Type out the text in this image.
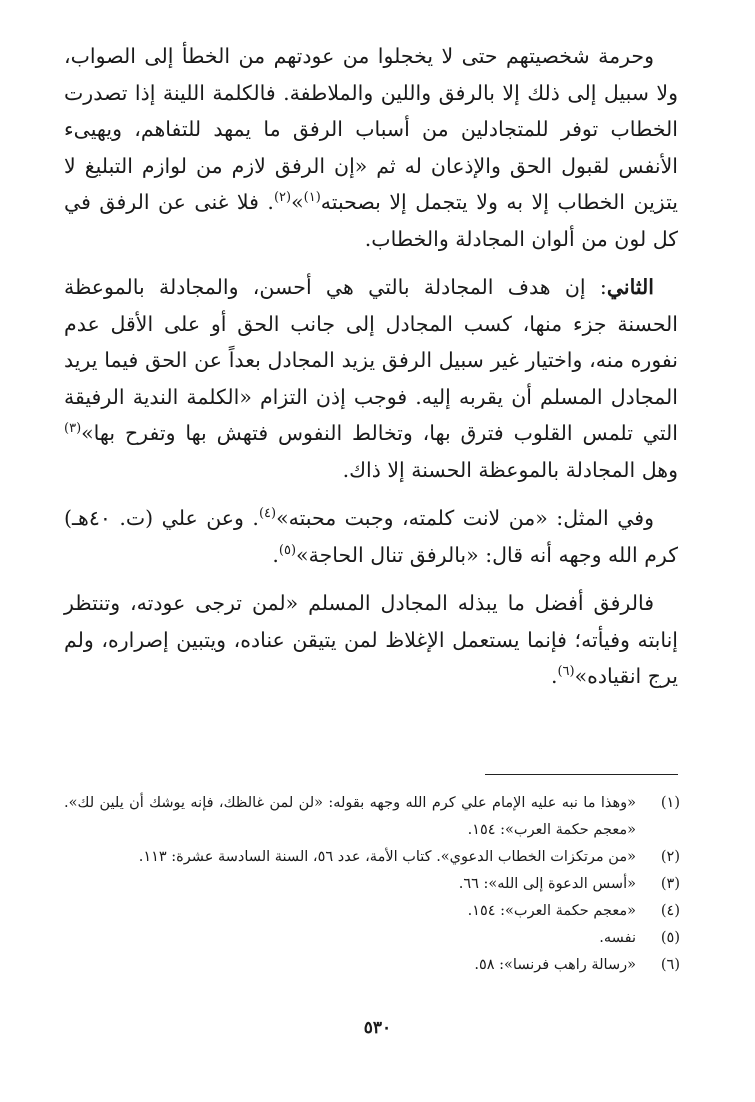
وحرمة شخصيتهم حتى لا يخجلوا من عودتهم من الخطأ إلى الصواب، ولا سبيل إلى ذلك إلا بالرفق واللين والملاطفة. فالكلمة اللينة إذا تصدرت الخطاب توفر للمتجادلين من أسباب الرفق ما يمهد للتفاهم، ويهيىء الأنفس لقبول الحق والإذعان له ثم «إن الرفق لازم من لوازم التبليغ لا يتزين الخطاب إلا به ولا يتجمل إلا بصحبته$^{(١)}$»$^{(٢)}$. فلا غنى عن الرفق في كل لون من ألوان المجادلة والخطاب.

الثاني: إن هدف المجادلة بالتي هي أحسن، والمجادلة بالموعظة الحسنة جزء منها، كسب المجادل إلى جانب الحق أو على الأقل عدم نفوره منه، واختيار غير سبيل الرفق يزيد المجادل بعداً عن الحق فيما يريد المجادل المسلم أن يقربه إليه. فوجب إذن التزام «الكلمة الندية الرفيقة التي تلمس القلوب فترق بها، وتخالط النفوس فتهش بها وتفرح بها»$^{(٣)}$ وهل المجادلة بالموعظة الحسنة إلا ذاك.

وفي المثل: «من لانت كلمته، وجبت محبته»$^{(٤)}$. وعن علي (ت. ٤٠هـ) كرم الله وجهه أنه قال: «بالرفق تنال الحاجة»$^{(٥)}$.

فالرفق أفضل ما يبذله المجادل المسلم «لمن ترجى عودته، وتنتظر إنابته وفيأته؛ فإنما يستعمل الإغلاظ لمن يتيقن عناده، ويتبين إصراره، ولم يرج انقياده»$^{(٦)}$.

(١)
«وهذا ما نبه عليه الإمام علي كرم الله وجهه بقوله: «لن لمن غالظك، فإنه يوشك أن يلين لك». «معجم حكمة العرب»: ١٥٤.
(٢)
«من مرتكزات الخطاب الدعوي». كتاب الأمة، عدد ٥٦، السنة السادسة عشرة: ١١٣.
(٣)
«أسس الدعوة إلى الله»: ٦٦.
(٤)
«معجم حكمة العرب»: ١٥٤.
(٥)
نفسه.
(٦)
«رسالة راهب فرنسا»: ٥٨.
٥٣٠
